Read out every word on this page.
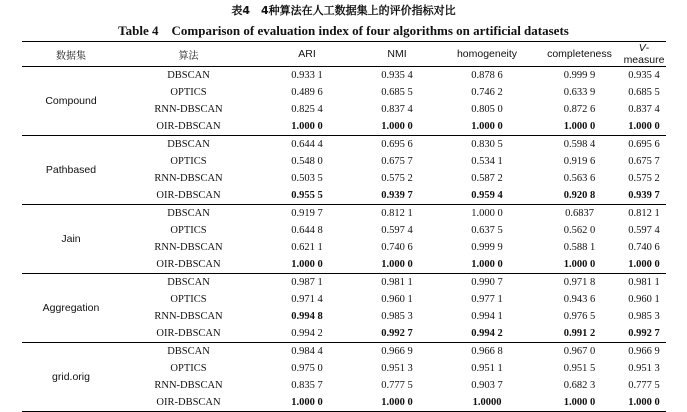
表4　4种算法在人工数据集上的评价指标对比
Table 4　Comparison of evaluation index of four algorithms on artificial datasets
数据集	算法	ARI	NMI	homogeneity	completeness	V-measure
Compound	DBSCAN	0.933 1	0.935 4	0.878 6	0.999 9	0.935 4
	OPTICS	0.489 6	0.685 5	0.746 2	0.633 9	0.685 5
	RNN-DBSCAN	0.825 4	0.837 4	0.805 0	0.872 6	0.837 4
	OIR-DBSCAN	1.000 0	1.000 0	1.000 0	1.000 0	1.000 0
Pathbased	DBSCAN	0.644 4	0.695 6	0.830 5	0.598 4	0.695 6
	OPTICS	0.548 0	0.675 7	0.534 1	0.919 6	0.675 7
	RNN-DBSCAN	0.503 5	0.575 2	0.587 2	0.563 6	0.575 2
	OIR-DBSCAN	0.955 5	0.939 7	0.959 4	0.920 8	0.939 7
Jain	DBSCAN	0.919 7	0.812 1	1.000 0	0.6837	0.812 1
	OPTICS	0.644 8	0.597 4	0.637 5	0.562 0	0.597 4
	RNN-DBSCAN	0.621 1	0.740 6	0.999 9	0.588 1	0.740 6
	OIR-DBSCAN	1.000 0	1.000 0	1.000 0	1.000 0	1.000 0
Aggregation	DBSCAN	0.987 1	0.981 1	0.990 7	0.971 8	0.981 1
	OPTICS	0.971 4	0.960 1	0.977 1	0.943 6	0.960 1
	RNN-DBSCAN	0.994 8	0.985 3	0.994 1	0.976 5	0.985 3
	OIR-DBSCAN	0.994 2	0.992 7	0.994 2	0.991 2	0.992 7
grid.orig	DBSCAN	0.984 4	0.966 9	0.966 8	0.967 0	0.966 9
	OPTICS	0.975 0	0.951 3	0.951 1	0.951 5	0.951 3
	RNN-DBSCAN	0.835 7	0.777 5	0.903 7	0.682 3	0.777 5
	OIR-DBSCAN	1.000 0	1.000 0	1.0000	1.000 0	1.000 0
